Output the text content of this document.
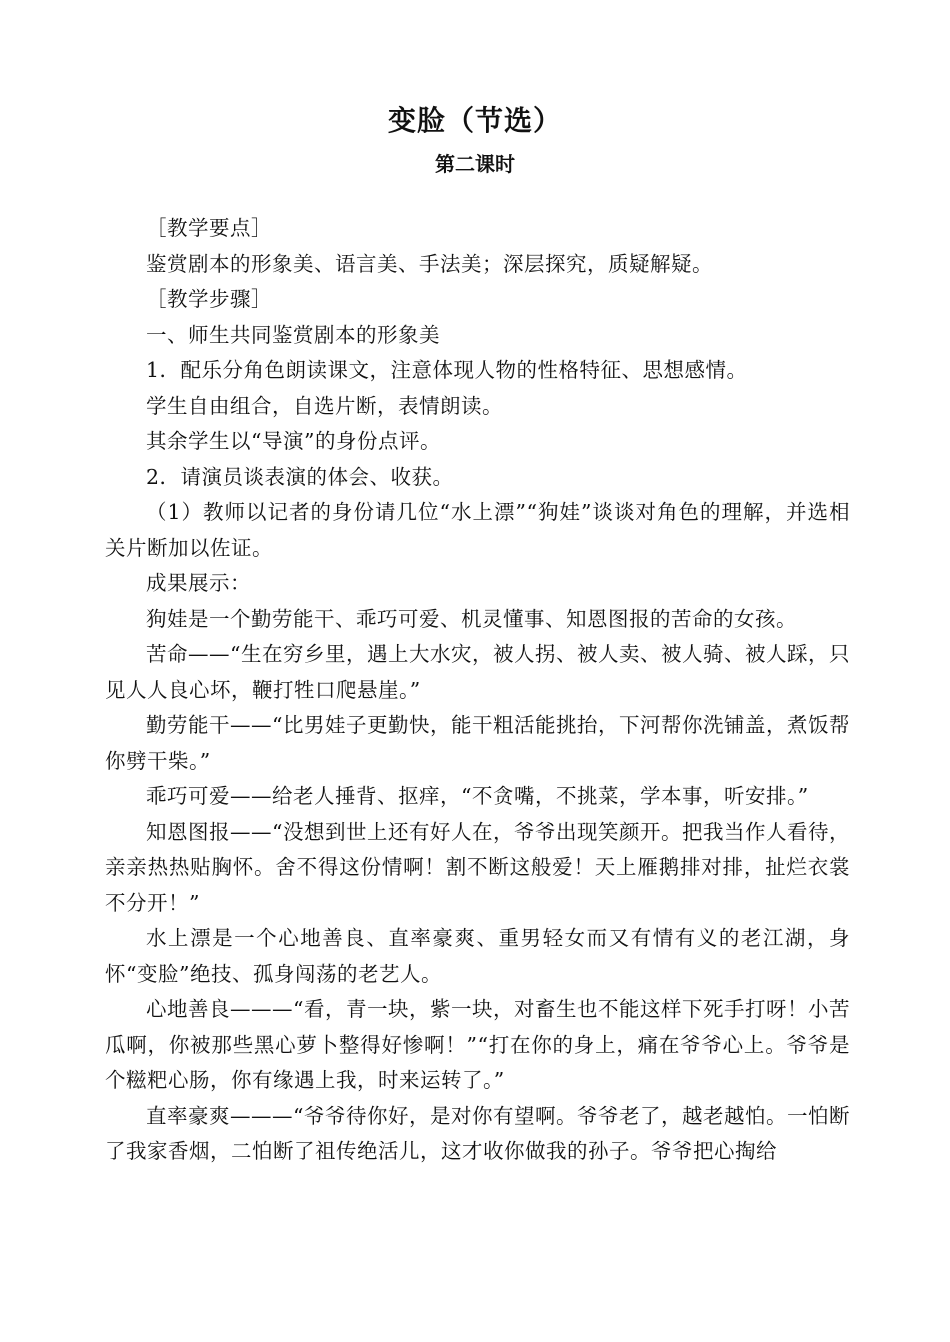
变脸（节选）
第二课时

［教学要点］

鉴赏剧本的形象美、语言美、手法美；深层探究，质疑解疑。

［教学步骤］

一、师生共同鉴赏剧本的形象美

1．配乐分角色朗读课文，注意体现人物的性格特征、思想感情。

学生自由组合，自选片断，表情朗读。

其余学生以“导演”的身份点评。

2．请演员谈表演的体会、收获。

（1）教师以记者的身份请几位“水上漂”“狗娃”谈谈对角色的理解，并选相关片断加以佐证。

成果展示：

狗娃是一个勤劳能干、乖巧可爱、机灵懂事、知恩图报的苦命的女孩。

苦命——“生在穷乡里，遇上大水灾，被人拐、被人卖、被人骑、被人踩，只见人人良心坏，鞭打牲口爬悬崖。”

勤劳能干——“比男娃子更勤快，能干粗活能挑抬，下河帮你洗铺盖，煮饭帮你劈干柴。”

乖巧可爱——给老人捶背、抠痒，“不贪嘴，不挑菜，学本事，听安排。”

知恩图报——“没想到世上还有好人在，爷爷出现笑颜开。把我当作人看待，亲亲热热贴胸怀。舍不得这份情啊！割不断这般爱！天上雁鹅排对排，扯烂衣裳不分开！”

水上漂是一个心地善良、直率豪爽、重男轻女而又有情有义的老江湖，身怀“变脸”绝技、孤身闯荡的老艺人。

心地善良———“看，青一块，紫一块，对畜生也不能这样下死手打呀！小苦瓜啊，你被那些黑心萝卜整得好惨啊！”“打在你的身上，痛在爷爷心上。爷爷是个糍粑心肠，你有缘遇上我，时来运转了。”

直率豪爽———“爷爷待你好，是对你有望啊。爷爷老了，越老越怕。一怕断了我家香烟，二怕断了祖传绝活儿，这才收你做我的孙子。爷爷把心掏给
